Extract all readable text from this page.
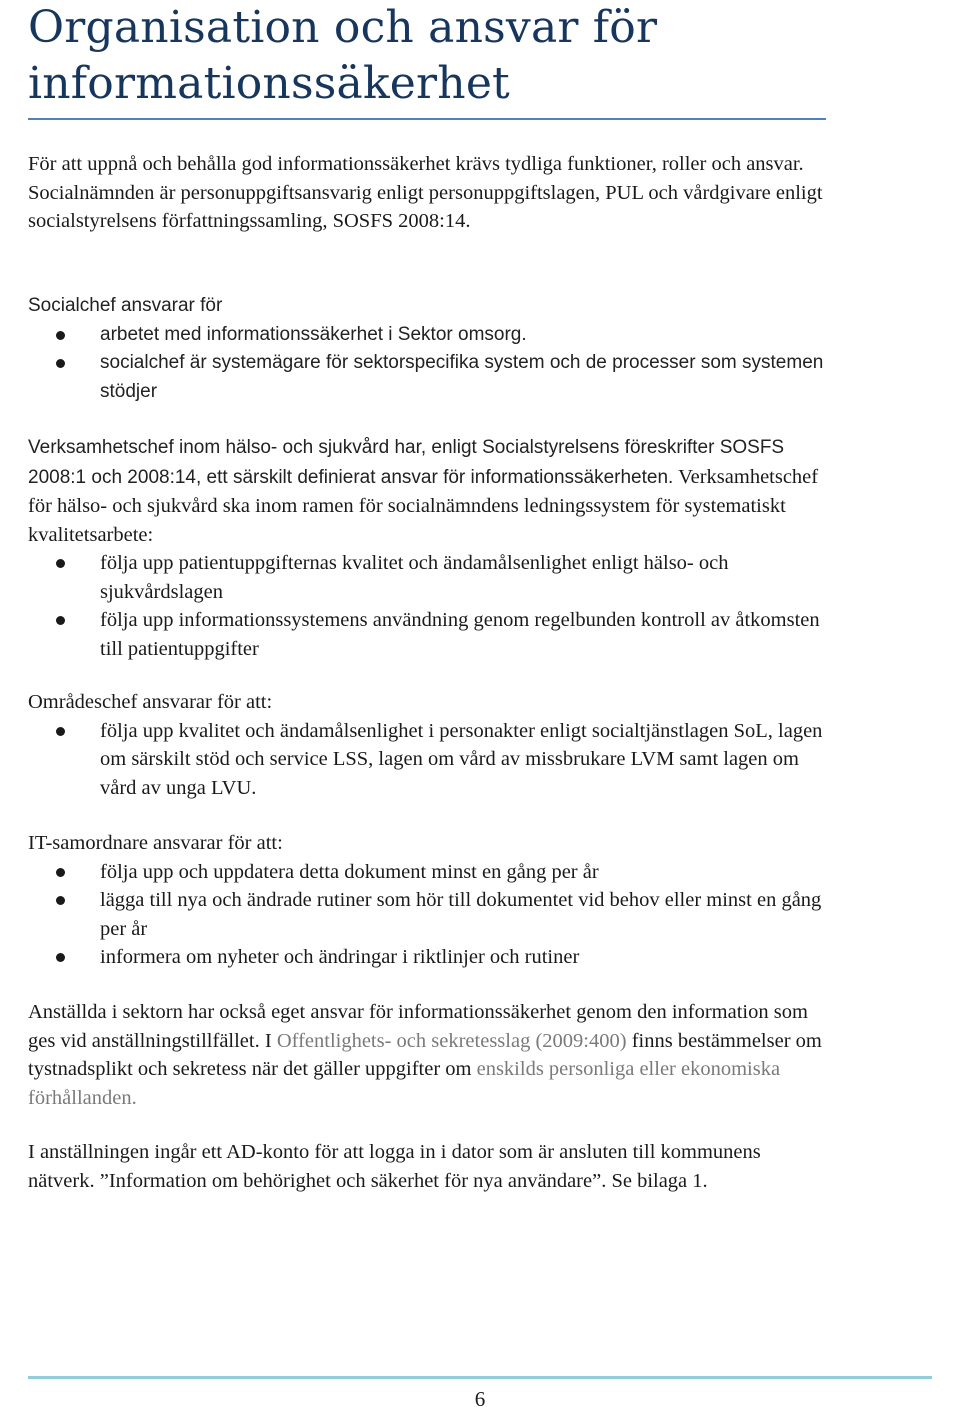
Organisation och ansvar för
informationssäkerhet

För att uppnå och behålla god informationssäkerhet krävs tydliga funktioner, roller och ansvar. Socialnämnden är personuppgiftsansvarig enligt personuppgiftslagen, PUL och vårdgivare enligt socialstyrelsens författningssamling, SOSFS 2008:14.

Socialchef ansvarar för

arbetet med informationssäkerhet i Sektor omsorg.
socialchef är systemägare för sektorspecifika system och de processer som systemen stödjer

Verksamhetschef inom hälso- och sjukvård har, enligt Socialstyrelsens föreskrifter SOSFS 2008:1 och 2008:14, ett särskilt definierat ansvar för informationssäkerheten. Verksamhetschef för hälso- och sjukvård ska inom ramen för socialnämndens ledningssystem för systematiskt kvalitetsarbete:

följa upp patientuppgifternas kvalitet och ändamålsenlighet enligt hälso- och sjukvårdslagen
följa upp informationssystemens användning genom regelbunden kontroll av åtkomsten till patientuppgifter

Områdeschef ansvarar för att:

följa upp kvalitet och ändamålsenlighet i personakter enligt socialtjänstlagen SoL, lagen om särskilt stöd och service LSS, lagen om vård av missbrukare LVM samt lagen om vård av unga LVU.

IT-samordnare ansvarar för att:

följa upp och uppdatera detta dokument minst en gång per år
lägga till nya och ändrade rutiner som hör till dokumentet vid behov eller minst en gång per år
informera om nyheter och ändringar i riktlinjer och rutiner

Anställda i sektorn har också eget ansvar för informationssäkerhet genom den information som ges vid anställningstillfället. I Offentlighets- och sekretesslag (2009:400) finns bestämmelser om tystnadsplikt och sekretess när det gäller uppgifter om enskilds personliga eller ekonomiska förhållanden.

I anställningen ingår ett AD-konto för att logga in i dator som är ansluten till kommunens nätverk. ”Information om behörighet och säkerhet för nya användare”. Se bilaga 1.

6
